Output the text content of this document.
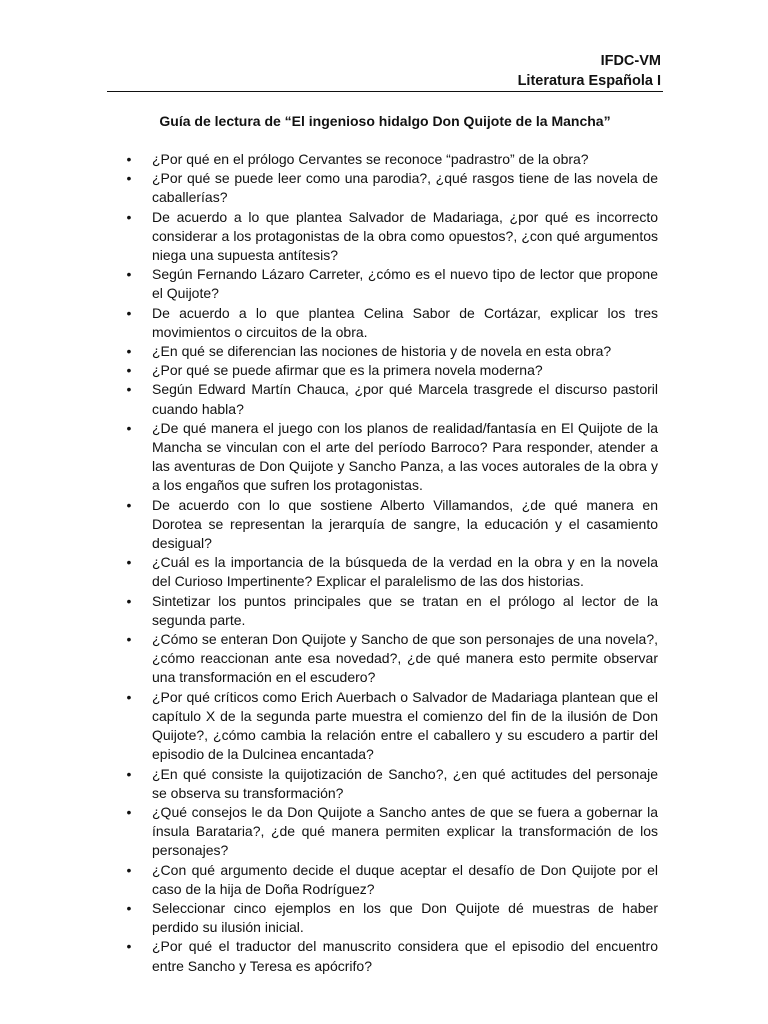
IFDC-VM
Literatura Española I
Guía de lectura de “El ingenioso hidalgo Don Quijote de la Mancha”
• ¿Por qué en el prólogo Cervantes se reconoce “padrastro” de la obra?
• ¿Por qué se puede leer como una parodia?, ¿qué rasgos tiene de las novela de caballerías?
• De acuerdo a lo que plantea Salvador de Madariaga, ¿por qué es incorrecto considerar a los protagonistas de la obra como opuestos?, ¿con qué argumentos niega una supuesta antítesis?
• Según Fernando Lázaro Carreter, ¿cómo es el nuevo tipo de lector que propone el Quijote?
• De acuerdo a lo que plantea Celina Sabor de Cortázar, explicar los tres movimientos o circuitos de la obra.
• ¿En qué se diferencian las nociones de historia y de novela en esta obra?
• ¿Por qué se puede afirmar que es la primera novela moderna?
• Según Edward Martín Chauca, ¿por qué Marcela trasgrede el discurso pastoril cuando habla?
• ¿De qué manera el juego con los planos de realidad/fantasía en El Quijote de la Mancha se vinculan con el arte del período Barroco? Para responder, atender a las aventuras de Don Quijote y Sancho Panza, a las voces autorales de la obra y a los engaños que sufren los protagonistas.
• De acuerdo con lo que sostiene Alberto Villamandos, ¿de qué manera en Dorotea se representan la jerarquía de sangre, la educación y el casamiento desigual?
• ¿Cuál es la importancia de la búsqueda de la verdad en la obra y en la novela del Curioso Impertinente? Explicar el paralelismo de las dos historias.
• Sintetizar los puntos principales que se tratan en el prólogo al lector de la segunda parte.
• ¿Cómo se enteran Don Quijote y Sancho de que son personajes de una novela?, ¿cómo reaccionan ante esa novedad?, ¿de qué manera esto permite observar una transformación en el escudero?
• ¿Por qué críticos como Erich Auerbach o Salvador de Madariaga plantean que el capítulo X de la segunda parte muestra el comienzo del fin de la ilusión de Don Quijote?, ¿cómo cambia la relación entre el caballero y su escudero a partir del episodio de la Dulcinea encantada?
• ¿En qué consiste la quijotización de Sancho?, ¿en qué actitudes del personaje se observa su transformación?
• ¿Qué consejos le da Don Quijote a Sancho antes de que se fuera a gobernar la ínsula Barataria?, ¿de qué manera permiten explicar la transformación de los personajes?
• ¿Con qué argumento decide el duque aceptar el desafío de Don Quijote por el caso de la hija de Doña Rodríguez?
• Seleccionar cinco ejemplos en los que Don Quijote dé muestras de haber perdido su ilusión inicial.
• ¿Por qué el traductor del manuscrito considera que el episodio del encuentro entre Sancho y Teresa es apócrifo?
